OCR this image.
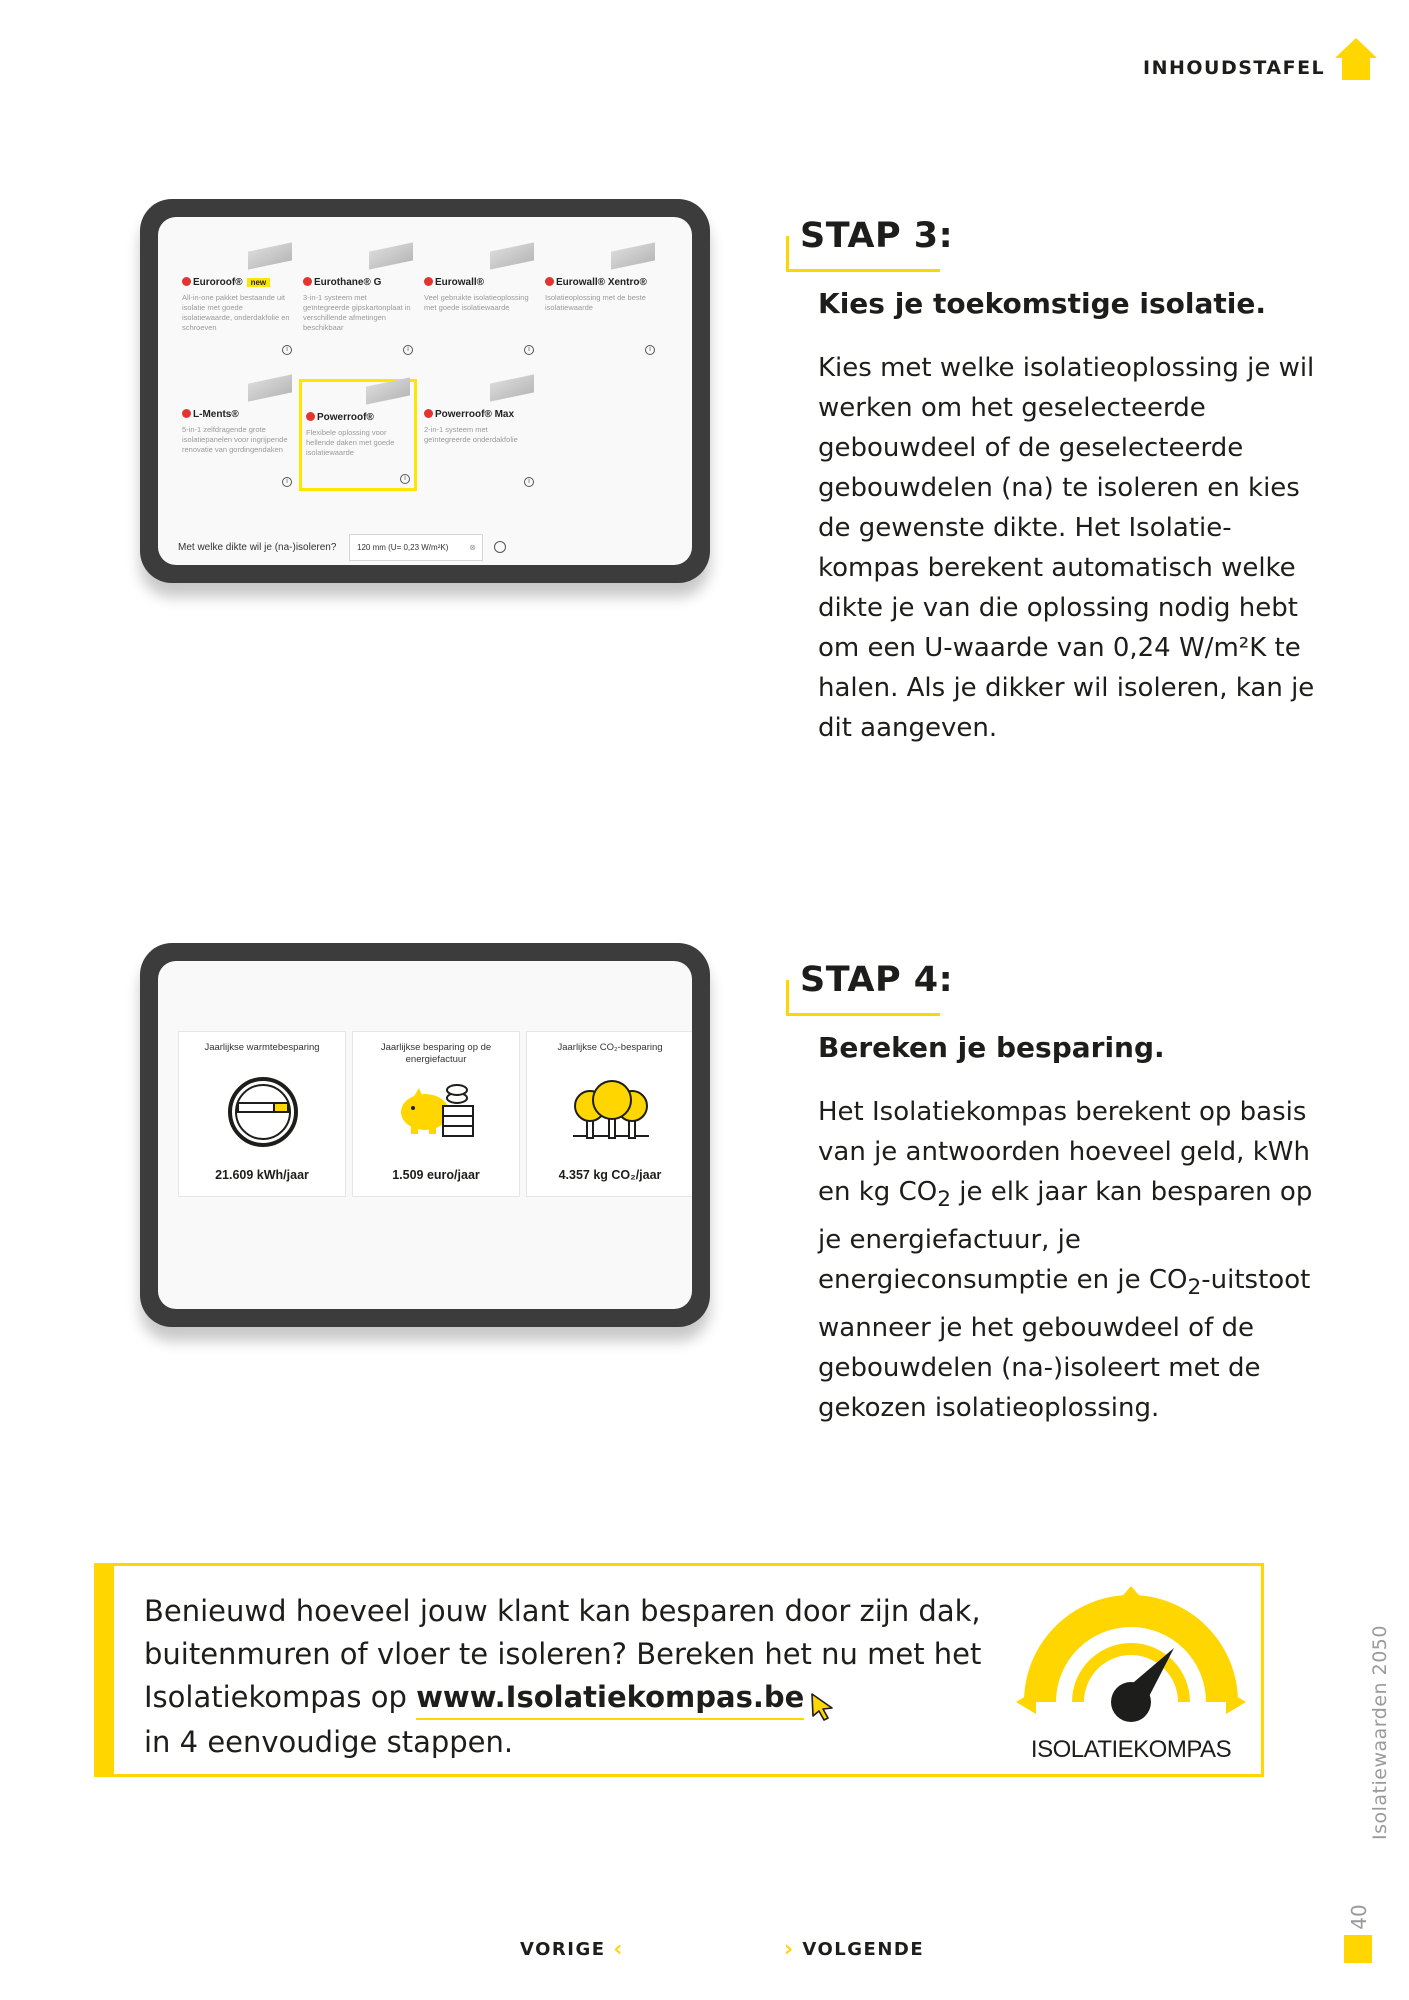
INHOUDSTAFEL
Euroroof® new
All-in-one pakket bestaande uit isolatie met goede isolatiewaarde, onderdakfolie en schroeven
i
Eurothane® G
3-in-1 systeem met geïntegreerde gipskartonplaat in verschillende afmetingen beschikbaar
i
Eurowall®
Veel gebruikte isolatieoplossing met goede isolatiewaarde
i
Eurowall® Xentro®
Isolatieoplossing met de beste isolatiewaarde
i
L-Ments®
5-in-1 zelfdragende grote isolatiepanelen voor ingrijpende renovatie van gordingendaken
i
Powerroof®
Flexibele oplossing voor hellende daken met goede isolatiewaarde
i
Powerroof® Max
2-in-1 systeem met geïntegreerde onderdakfolie
i
Met welke dikte wil je (na-)isoleren?	120 mm (U= 0,23 W/m²K)	⊗
STAP 3:
Kies je toekomstige isolatie.
Kies met welke isolatieoplossing je wil werken om het geselecteerde gebouwdeel of de geselecteerde gebouwdelen (na) te isoleren en kies de gewenste dikte. Het Isolatie-kompas berekent automatisch welke dikte je van die oplossing nodig hebt om een U-waarde van 0,24 W/m²K te halen. Als je dikker wil isoleren, kan je dit aangeven.
Jaarlijkse warmtebesparing
21.609 kWh/jaar
Jaarlijkse besparing op de energiefactuur
1.509 euro/jaar
Jaarlijkse CO₂-besparing
4.357 kg CO₂/jaar
STAP 4:
Bereken je besparing.
Het Isolatiekompas berekent op basis van je antwoorden hoeveel geld, kWh en kg $CO_2$ je elk jaar kan besparen op je energiefactuur, je energieconsumptie en je $CO_2$-uitstoot wanneer je het gebouwdeel of de gebouwdelen (na-)isoleert met de gekozen isolatieoplossing.
Benieuwd hoeveel jouw klant kan besparen door zijn dak, buitenmuren of vloer te isoleren? Bereken het nu met het Isolatiekompas op www.Isolatiekompas.be
in 4 eenvoudige stappen.	ISOLATIEKOMPAS	Isolatiewaarden 2050
40
VORIGE ‹	› VOLGENDE
